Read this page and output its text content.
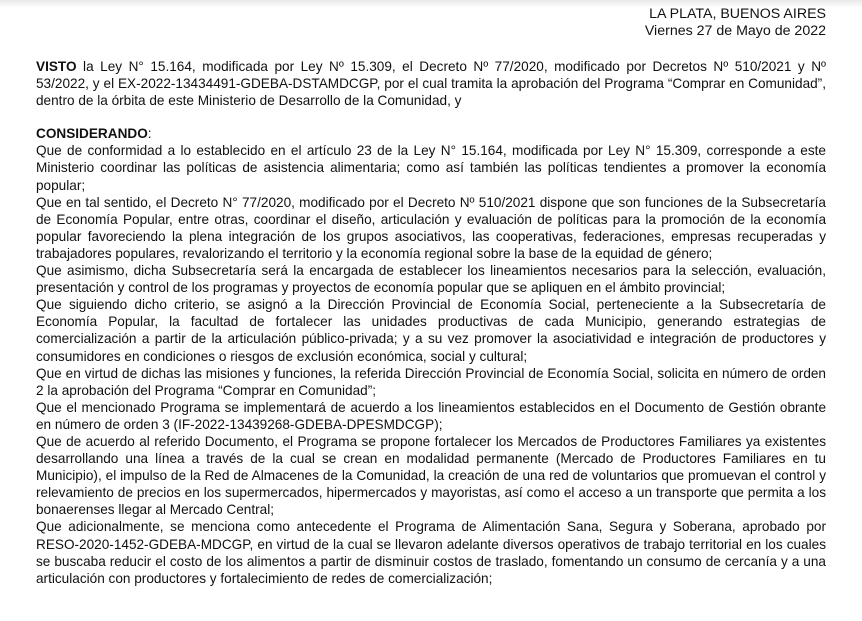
LA PLATA, BUENOS AIRES
Viernes 27 de Mayo de 2022

VISTO la Ley N° 15.164, modificada por Ley Nº 15.309, el Decreto Nº 77/2020, modificado por Decretos Nº 510/2021 y Nº 53/2022, y el EX-2022-13434491-GDEBA-DSTAMDCGP, por el cual tramita la aprobación del Programa “Comprar en Comunidad”, dentro de la órbita de este Ministerio de Desarrollo de la Comunidad, y

CONSIDERANDO:

Que de conformidad a lo establecido en el artículo 23 de la Ley N° 15.164, modificada por Ley N° 15.309, corresponde a este Ministerio coordinar las políticas de asistencia alimentaria; como así también las políticas tendientes a promover la economía popular;

Que en tal sentido, el Decreto N° 77/2020, modificado por el Decreto Nº 510/2021 dispone que son funciones de la Subsecretaría de Economía Popular, entre otras, coordinar el diseño, articulación y evaluación de políticas para la promoción de la economía popular favoreciendo la plena integración de los grupos asociativos, las cooperativas, federaciones, empresas recuperadas y trabajadores populares, revalorizando el territorio y la economía regional sobre la base de la equidad de género;

Que asimismo, dicha Subsecretaría será la encargada de establecer los lineamientos necesarios para la selección, evaluación, presentación y control de los programas y proyectos de economía popular que se apliquen en el ámbito provincial;

Que siguiendo dicho criterio, se asignó a la Dirección Provincial de Economía Social, perteneciente a la Subsecretaría de Economía Popular, la facultad de fortalecer las unidades productivas de cada Municipio, generando estrategias de comercialización a partir de la articulación público-privada; y a su vez promover la asociatividad e integración de productores y consumidores en condiciones o riesgos de exclusión económica, social y cultural;

Que en virtud de dichas las misiones y funciones, la referida Dirección Provincial de Economía Social, solicita en número de orden 2 la aprobación del Programa “Comprar en Comunidad”;

Que el mencionado Programa se implementará de acuerdo a los lineamientos establecidos en el Documento de Gestión obrante en número de orden 3 (IF-2022-13439268-GDEBA-DPESMDCGP);

Que de acuerdo al referido Documento, el Programa se propone fortalecer los Mercados de Productores Familiares ya existentes desarrollando una línea a través de la cual se crean en modalidad permanente (Mercado de Productores Familiares en tu Municipio), el impulso de la Red de Almacenes de la Comunidad, la creación de una red de voluntarios que promuevan el control y relevamiento de precios en los supermercados, hipermercados y mayoristas, así como el acceso a un transporte que permita a los bonaerenses llegar al Mercado Central;

Que adicionalmente, se menciona como antecedente el Programa de Alimentación Sana, Segura y Soberana, aprobado por RESO-2020-1452-GDEBA-MDCGP, en virtud de la cual se llevaron adelante diversos operativos de trabajo territorial en los cuales se buscaba reducir el costo de los alimentos a partir de disminuir costos de traslado, fomentando un consumo de cercanía y a una articulación con productores y fortalecimiento de redes de comercialización;
